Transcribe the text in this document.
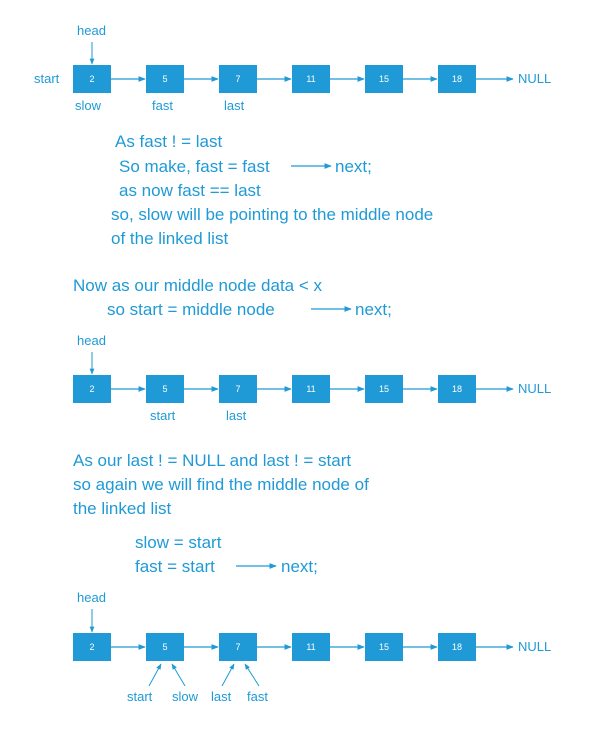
head
start	2	5	7	11	15	18	NULL
slow	fast	last
As fast ! = last
So make, fast = fast	next;
as now fast == last
so, slow will be pointing to the middle node
of the linked list
Now as our middle node data < x
so start = middle node	next;
head
2	5	7	11	15	18	NULL
start	last
As our last ! = NULL and last ! = start
so again we will find the middle node of
the linked list
slow = start
fast = start	next;
head
2	5	7	11	15	18	NULL
start slow last fast
